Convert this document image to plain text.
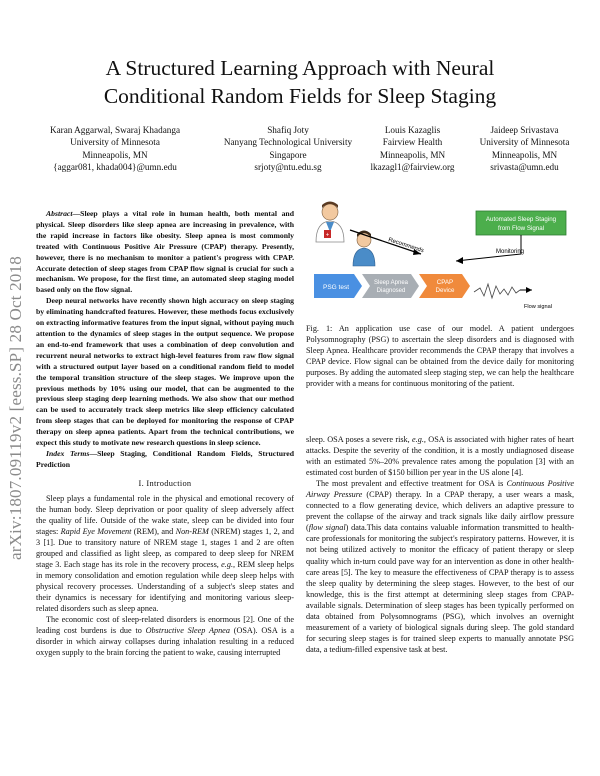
arXiv:1807.09119v2 [eess.SP] 28 Oct 2018
A Structured Learning Approach with Neural
Conditional Random Fields for Sleep Staging
Karan Aggarwal, Swaraj Khadanga
University of Minnesota
Minneapolis, MN
{aggar081, khada004}@umn.edu
Shafiq Joty
Nanyang Technological University
Singapore
srjoty@ntu.edu.sg
Louis Kazaglis
Fairview Health
Minneapolis, MN
lkazagl1@fairview.org
Jaideep Srivastava
University of Minnesota
Minneapolis, MN
srivasta@umn.edu

Abstract—Sleep plays a vital role in human health, both mental and physical. Sleep disorders like sleep apnea are increasing in prevalence, with the rapid increase in factors like obesity. Sleep apnea is most commonly treated with Continuous Positive Air Pressure (CPAP) therapy. Presently, however, there is no mechanism to monitor a patient's progress with CPAP. Accurate detection of sleep stages from CPAP flow signal is crucial for such a mechanism. We propose, for the first time, an automated sleep staging model based only on the flow signal.

Deep neural networks have recently shown high accuracy on sleep staging by eliminating handcrafted features. However, these methods focus exclusively on extracting informative features from the input signal, without paying much attention to the dynamics of sleep stages in the output sequence. We propose an end-to-end framework that uses a combination of deep convolution and recurrent neural networks to extract high-level features from raw flow signal with a structured output layer based on a conditional random field to model the temporal transition structure of the sleep stages. We improve upon the previous methods by 10% using our model, that can be augmented to the previous sleep staging deep learning methods. We also show that our method can be used to accurately track sleep metrics like sleep efficiency calculated from sleep stages that can be deployed for monitoring the response of CPAP therapy on sleep apnea patients. Apart from the technical contributions, we expect this study to motivate new research questions in sleep science.

Index Terms—Sleep Staging, Conditional Random Fields, Structured Prediction

I. Introduction

Sleep plays a fundamental role in the physical and emotional recovery of the human body. Sleep deprivation or poor quality of sleep adversely affect the quality of life. Outside of the wake state, sleep can be divided into four stages: Rapid Eye Movement (REM), and Non-REM (NREM) stages 1, 2, and 3 [1]. Due to transitory nature of NREM stage 1, stages 1 and 2 are often grouped and classified as light sleep, as compared to deep sleep for NREM stage 3. Each stage has its role in the recovery process, e.g., REM sleep helps in memory consolidation and emotion regulation while deep sleep helps with physical recovery processes. Understanding of a subject's sleep states and their dynamics is necessary for identifying and monitoring various sleep-related disorders such as sleep apnea.

The economic cost of sleep-related disorders is enormous [2]. One of the leading cost burdens is due to Obstructive Sleep Apnea (OSA). OSA is a disorder in which airway collapses during inhalation resulting in a reduced oxygen supply to the brain forcing the patient to wake, causing interrupted

+
Automated Sleep Staging
from Flow Signal
Recommends	Monitoring
PSG test
Sleep Apnea
Diagnosed
CPAP
Device
Flow signal
Fig. 1: An application use case of our model. A patient undergoes Polysomnography (PSG) to ascertain the sleep disorders and is diagnosed with Sleep Apnea. Healthcare provider recommends the CPAP therapy that involves a CPAP device. Flow signal can be obtained from the device daily for monitoring purposes. By adding the automated sleep staging step, we can help the healthcare provider with a means for continuous monitoring of the patient.

sleep. OSA poses a severe risk, e.g., OSA is associated with higher rates of heart attacks. Despite the severity of the condition, it is a mostly undiagnosed disease with an estimated 5%–20% prevalence rates among the population [3] with an estimated cost burden of $150 billion per year in the US alone [4].

The most prevalent and effective treatment for OSA is Continuous Positive Airway Pressure (CPAP) therapy. In a CPAP therapy, a user wears a mask, connected to a flow generating device, which delivers an adaptive pressure to prevent the collapse of the airway and track signals like daily airflow pressure (flow signal) data.This data contains valuable information transmitted to health-care professionals for monitoring the subject's respiratory patterns. However, it is not being utilized actively to monitor the efficacy of patient therapy or sleep quality which in-turn could pave way for an intervention as done in other health-care areas [5]. The key to measure the effectiveness of CPAP therapy is to assess the sleep quality by determining the sleep stages. However, to the best of our knowledge, this is the first attempt at determining sleep stages from CPAP-available signals. Determination of sleep stages has been typically performed on data obtained from Polysomnograms (PSG), which involves an overnight measurement of a variety of biological signals during sleep. The gold standard for securing sleep stages is for trained sleep experts to manually annotate PSG data, a tedium-filled expensive task at best.
